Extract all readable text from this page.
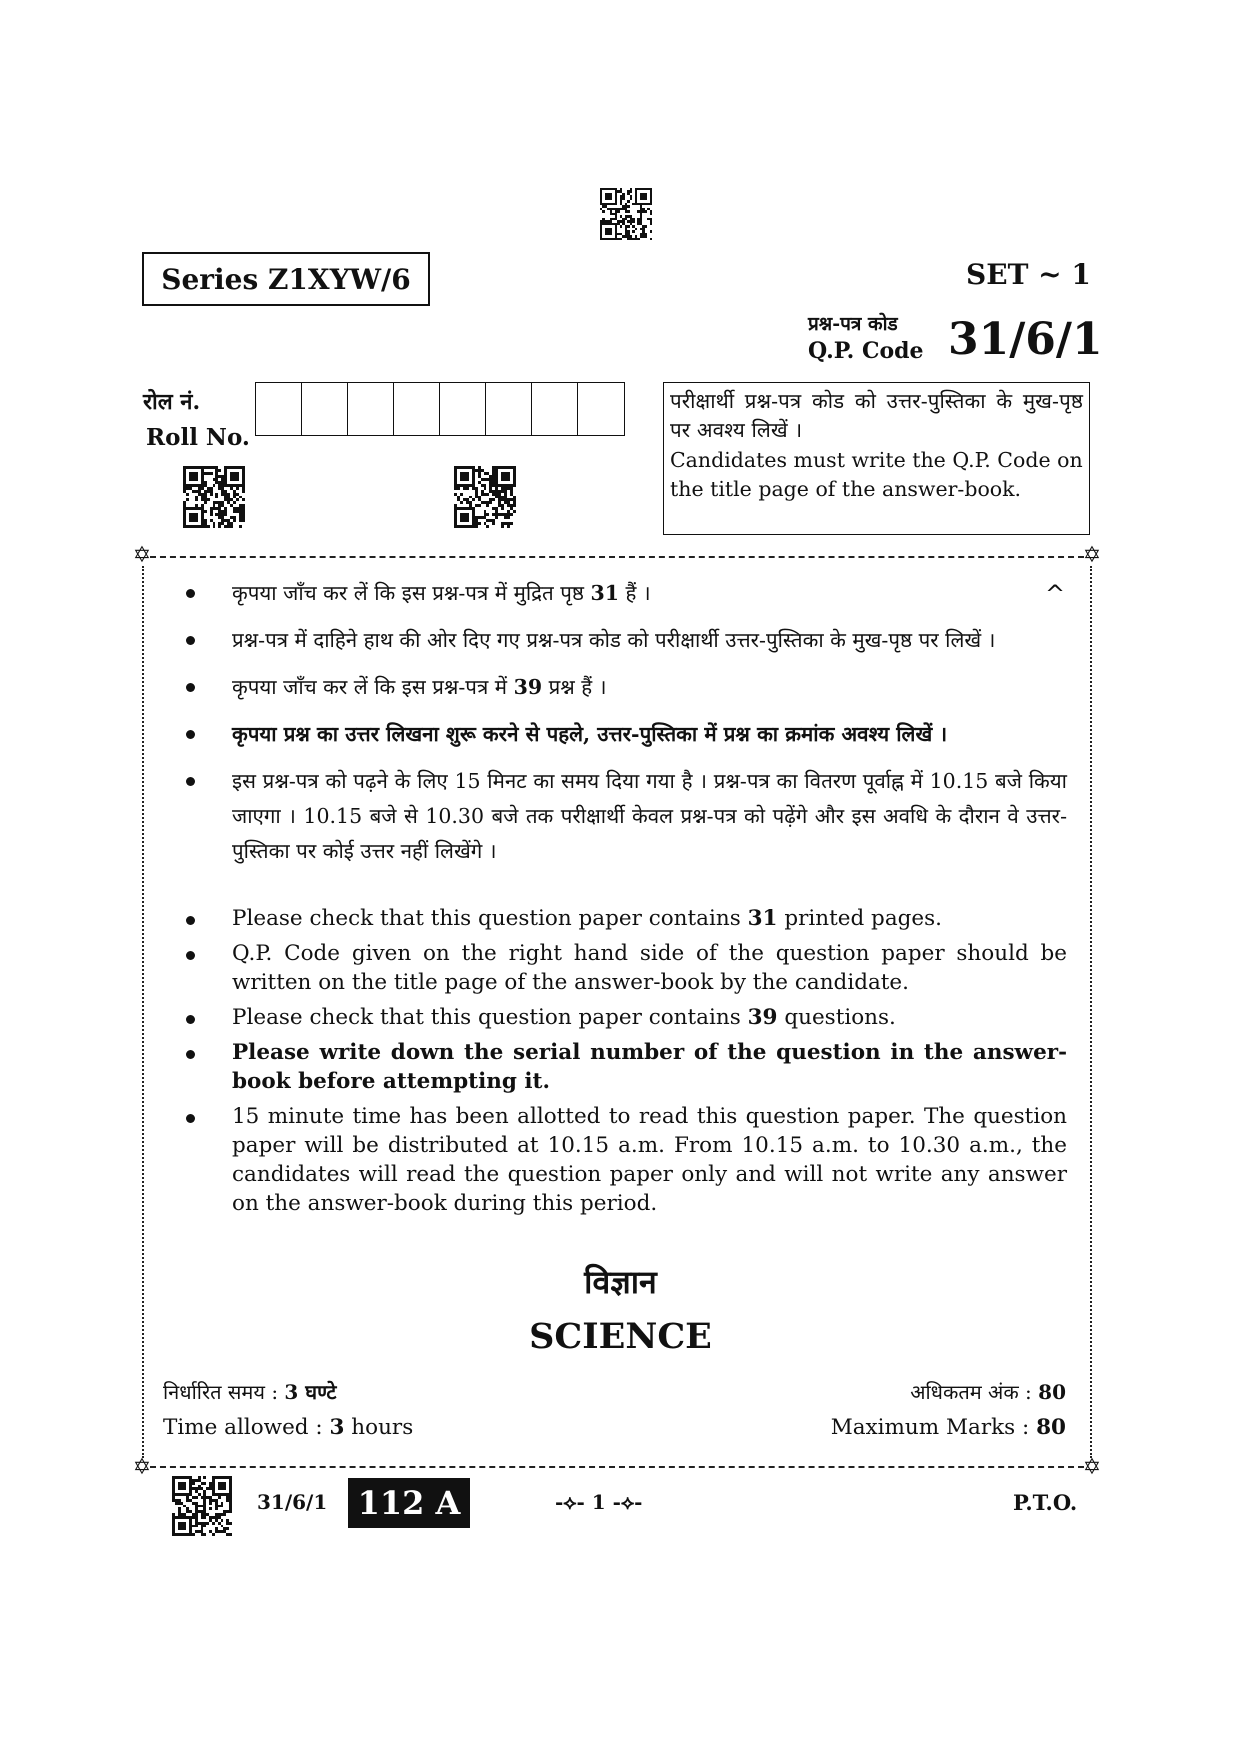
Series Z1XYW/6	SET ~ 1
प्रश्न-पत्र कोड
Q.P. Code 31/6/1
रोल नं.
Roll No.
परीक्षार्थी प्रश्न-पत्र कोड को उत्तर-पुस्तिका के मुख-पृष्ठ पर अवश्य लिखें ।
Candidates must write the Q.P. Code on the title page of the answer-book.
✡	✡
✡	✡
^
कृपया जाँच कर लें कि इस प्रश्न-पत्र में मुद्रित पृष्ठ 31 हैं ।
प्रश्न-पत्र में दाहिने हाथ की ओर दिए गए प्रश्न-पत्र कोड को परीक्षार्थी उत्तर-पुस्तिका के मुख-पृष्ठ पर लिखें ।
कृपया जाँच कर लें कि इस प्रश्न-पत्र में 39 प्रश्न हैं ।
कृपया प्रश्न का उत्तर लिखना शुरू करने से पहले, उत्तर-पुस्तिका में प्रश्न का क्रमांक अवश्य लिखें ।
इस प्रश्न-पत्र को पढ़ने के लिए 15 मिनट का समय दिया गया है । प्रश्न-पत्र का वितरण पूर्वाह्न में 10.15 बजे किया जाएगा । 10.15 बजे से 10.30 बजे तक परीक्षार्थी केवल प्रश्न-पत्र को पढ़ेंगे और इस अवधि के दौरान वे उत्तर-पुस्तिका पर कोई उत्तर नहीं लिखेंगे ।
Please check that this question paper contains 31 printed pages.
Q.P. Code given on the right hand side of the question paper should be written on the title page of the answer-book by the candidate.
Please check that this question paper contains 39 questions.
Please write down the serial number of the question in the answer-book before attempting it.
15 minute time has been allotted to read this question paper. The question paper will be distributed at 10.15 a.m. From 10.15 a.m. to 10.30 a.m., the candidates will read the question paper only and will not write any answer on the answer-book during this period.
विज्ञान
SCIENCE
निर्धारित समय : 3 घण्टे
Time allowed : 3 hours
अधिकतम अंक : 80
Maximum Marks : 80
31/6/1 112 A	-⟡- 1 -⟡-	P.T.O.
